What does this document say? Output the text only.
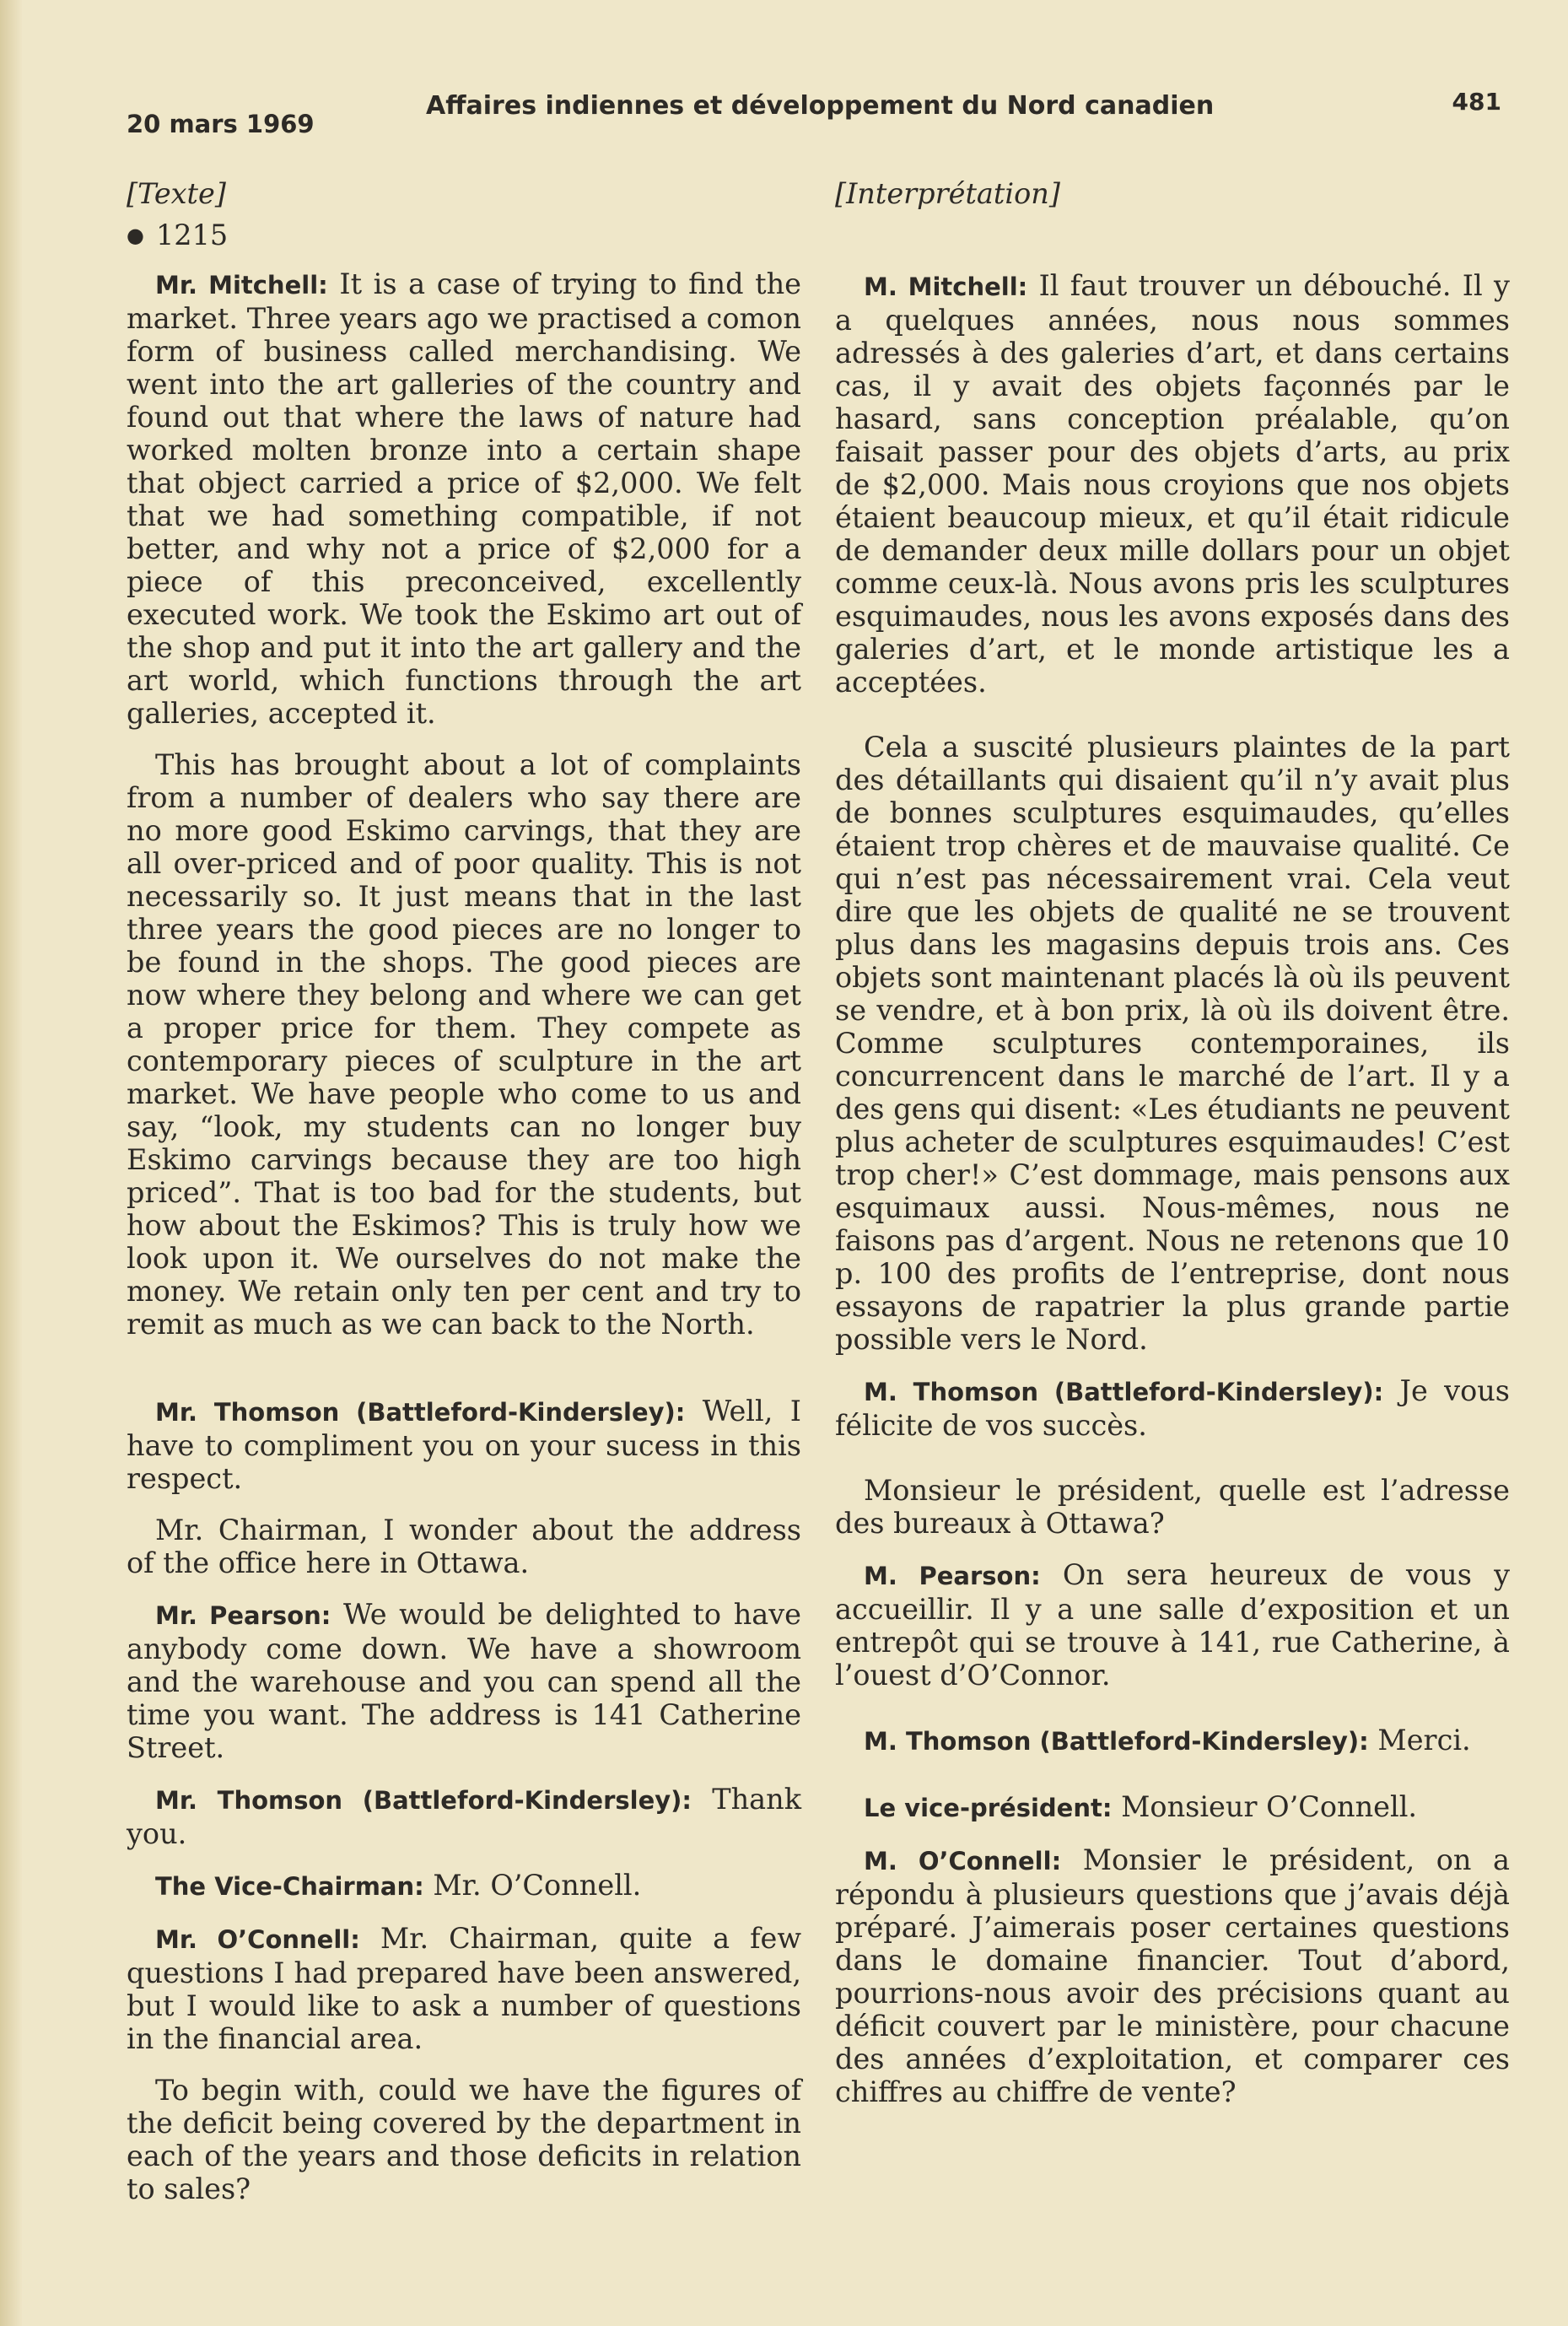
20 mars 1969
Affaires indiennes et développement du Nord canadien	481

[Texte]

● 1215

Mr. Mitchell: It is a case of trying to find the market. Three years ago we practised a comon form of business called merchandising. We went into the art galleries of the country and found out that where the laws of nature had worked molten bronze into a certain shape that object carried a price of $2,000. We felt that we had something compatible, if not better, and why not a price of $2,000 for a piece of this preconceived, excellently executed work. We took the Eskimo art out of the shop and put it into the art gallery and the art world, which functions through the art galleries, accepted it.

This has brought about a lot of complaints from a number of dealers who say there are no more good Eskimo carvings, that they are all over-priced and of poor quality. This is not necessarily so. It just means that in the last three years the good pieces are no longer to be found in the shops. The good pieces are now where they belong and where we can get a proper price for them. They compete as contemporary pieces of sculpture in the art market. We have people who come to us and say, “look, my students can no longer buy Eskimo carvings because they are too high priced”. That is too bad for the students, but how about the Eskimos? This is truly how we look upon it. We ourselves do not make the money. We retain only ten per cent and try to remit as much as we can back to the North.

Mr. Thomson (Battleford-Kindersley): Well, I have to compliment you on your sucess in this respect.

Mr. Chairman, I wonder about the address of the office here in Ottawa.

Mr. Pearson: We would be delighted to have anybody come down. We have a showroom and the warehouse and you can spend all the time you want. The address is 141 Catherine Street.

Mr. Thomson (Battleford-Kindersley): Thank you.

The Vice-Chairman: Mr. O’Connell.

Mr. O’Connell: Mr. Chairman, quite a few questions I had prepared have been answered, but I would like to ask a number of questions in the financial area.

To begin with, could we have the figures of the deficit being covered by the department in each of the years and those deficits in relation to sales?

[Interprétation]

M. Mitchell: Il faut trouver un débouché. Il y a quelques années, nous nous sommes adressés à des galeries d’art, et dans certains cas, il y avait des objets façonnés par le hasard, sans conception préalable, qu’on faisait passer pour des objets d’arts, au prix de $2,000. Mais nous croyions que nos objets étaient beaucoup mieux, et qu’il était ridicule de demander deux mille dollars pour un objet comme ceux-là. Nous avons pris les sculptures esquimaudes, nous les avons exposés dans des galeries d’art, et le monde artistique les a acceptées.

Cela a suscité plusieurs plaintes de la part des détaillants qui disaient qu’il n’y avait plus de bonnes sculptures esquimaudes, qu’elles étaient trop chères et de mauvaise qualité. Ce qui n’est pas nécessairement vrai. Cela veut dire que les objets de qualité ne se trouvent plus dans les magasins depuis trois ans. Ces objets sont maintenant placés là où ils peuvent se vendre, et à bon prix, là où ils doivent être. Comme sculptures contemporaines, ils concurrencent dans le marché de l’art. Il y a des gens qui disent: «Les étudiants ne peuvent plus acheter de sculptures esquimaudes! C’est trop cher!» C’est dommage, mais pensons aux esquimaux aussi. Nous-mêmes, nous ne faisons pas d’argent. Nous ne retenons que 10 p. 100 des profits de l’entreprise, dont nous essayons de rapatrier la plus grande partie possible vers le Nord.

M. Thomson (Battleford-Kindersley): Je vous félicite de vos succès.

Monsieur le président, quelle est l’adresse des bureaux à Ottawa?

M. Pearson: On sera heureux de vous y accueillir. Il y a une salle d’exposition et un entrepôt qui se trouve à 141, rue Catherine, à l’ouest d’O’Connor.

M. Thomson (Battleford-Kindersley): Merci.

Le vice-président: Monsieur O’Connell.

M. O’Connell: Monsier le président, on a répondu à plusieurs questions que j’avais déjà préparé. J’aimerais poser certaines questions dans le domaine financier. Tout d’abord, pourrions-nous avoir des précisions quant au déficit couvert par le ministère, pour chacune des années d’exploitation, et comparer ces chiffres au chiffre de vente?
